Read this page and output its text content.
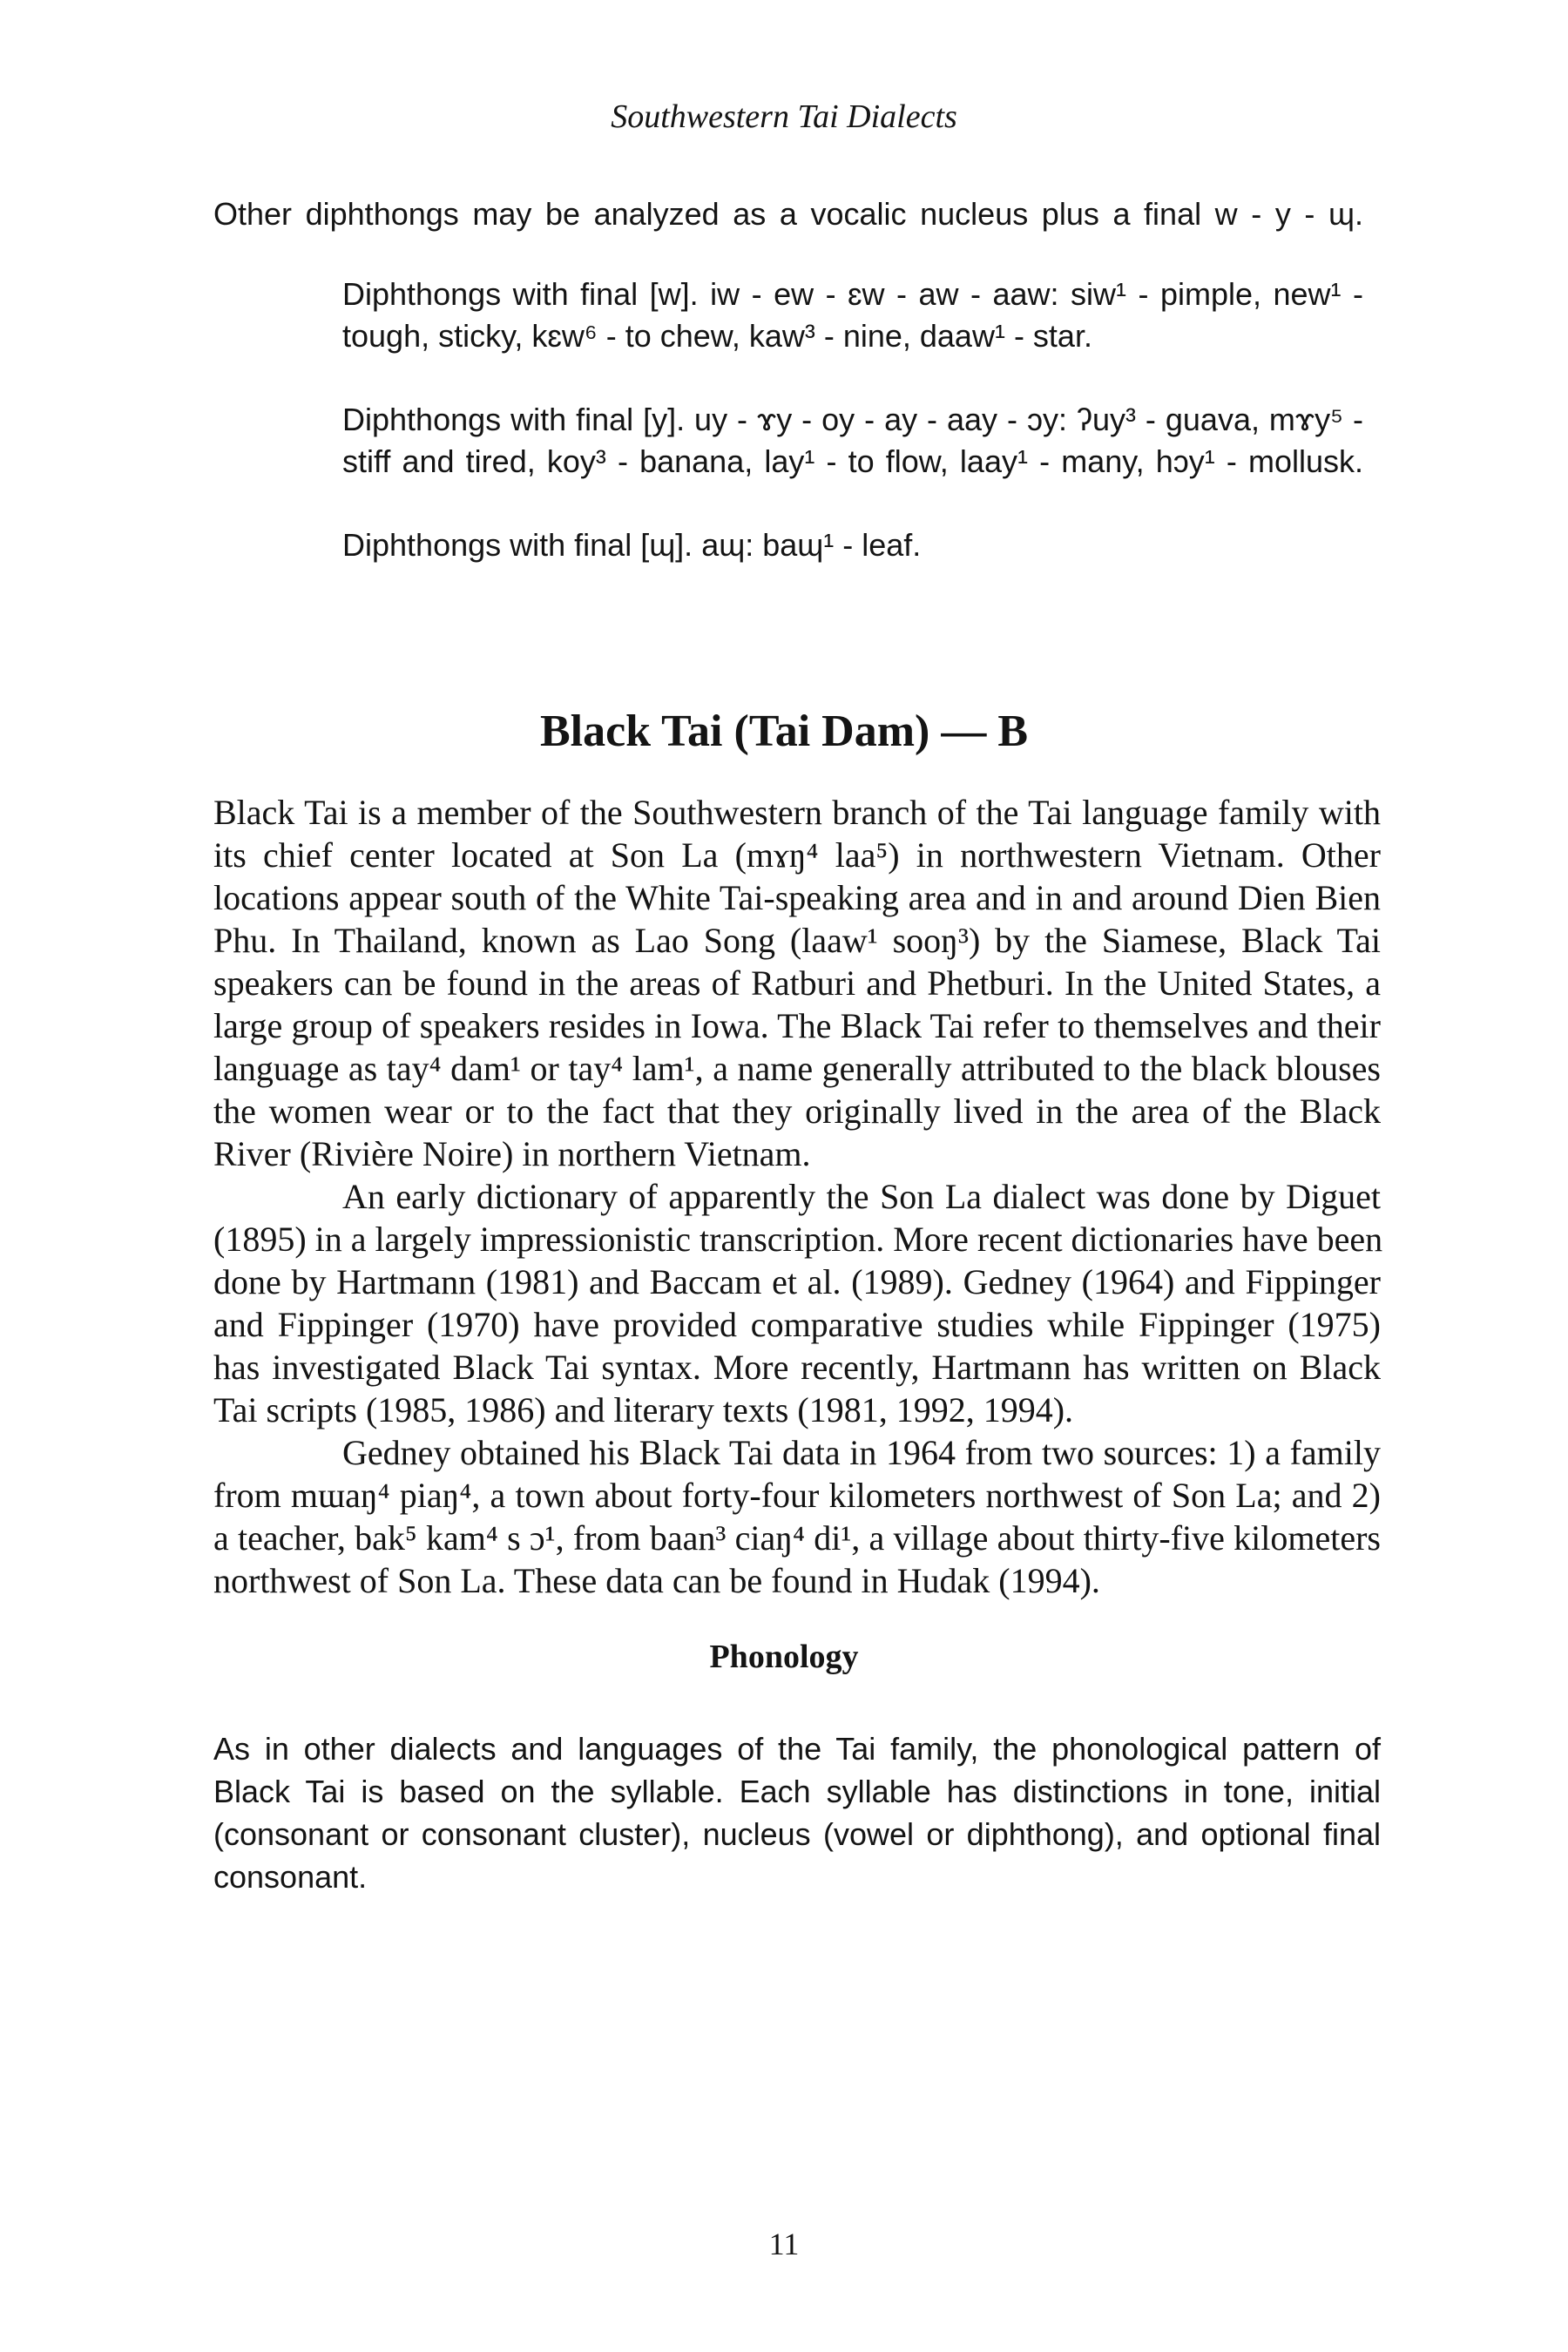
Southwestern Tai Dialects
Other diphthongs may be analyzed as a vocalic nucleus plus a final w - y - ɰ.
Diphthongs with final [w]. iw - ew - ɛw - aw - aaw: siw¹ - pimple, new¹ -
tough, sticky, kɛw⁶ - to chew, kaw³ - nine, daaw¹ - star.
Diphthongs with final [y]. uy - ɤy - oy - ay - aay - ɔy: ʔuy³ - guava, mɤy⁵ -
stiff and tired, koy³ - banana, lay¹ - to flow, laay¹ - many, hɔy¹ - mollusk.
Diphthongs with final [ɰ]. aɰ: baɰ¹ - leaf.
Black Tai (Tai Dam) — B
Black Tai is a member of the Southwestern branch of the Tai language family with
its chief center located at Son La (mɤŋ⁴ laa⁵) in northwestern Vietnam. Other
locations appear south of the White Tai-speaking area and in and around Dien Bien
Phu. In Thailand, known as Lao Song (laaw¹ sooŋ³) by the Siamese, Black Tai
speakers can be found in the areas of Ratburi and Phetburi. In the United States, a
large group of speakers resides in Iowa. The Black Tai refer to themselves and their
language as tay⁴ dam¹ or tay⁴ lam¹, a name generally attributed to the black blouses
the women wear or to the fact that they originally lived in the area of the Black
River (Rivière Noire) in northern Vietnam.
An early dictionary of apparently the Son La dialect was done by Diguet
(1895) in a largely impressionistic transcription. More recent dictionaries have been
done by Hartmann (1981) and Baccam et al. (1989). Gedney (1964) and Fippinger
and Fippinger (1970) have provided comparative studies while Fippinger (1975)
has investigated Black Tai syntax. More recently, Hartmann has written on Black
Tai scripts (1985, 1986) and literary texts (1981, 1992, 1994).
Gedney obtained his Black Tai data in 1964 from two sources: 1) a family
from mɯaŋ⁴ piaŋ⁴, a town about forty-four kilometers northwest of Son La; and 2)
a teacher, bak⁵ kam⁴ s ɔ¹, from baan³ ciaŋ⁴ di¹, a village about thirty-five kilometers
northwest of Son La. These data can be found in Hudak (1994).
Phonology
As in other dialects and languages of the Tai family, the phonological pattern of
Black Tai is based on the syllable. Each syllable has distinctions in tone, initial
(consonant or consonant cluster), nucleus (vowel or diphthong), and optional final
consonant.
11
